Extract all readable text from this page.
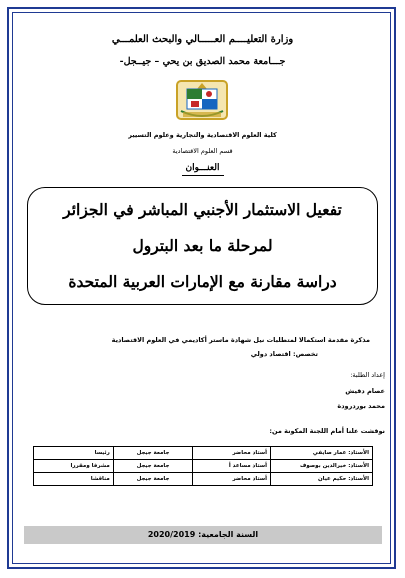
وزارة التعليــــم العـــــالي والبحث العلمـــي
جـــامعة محمد الصديق بن يحي – جيــجل-
كلية العلوم الاقتصادية والتجارية وعلوم التسيير
قسم العلوم الاقتصادية
العنـــوان
تفعيل الاستثمار الأجنبي المباشر في الجزائر
لمرحلة ما بعد البترول
دراسة مقارنة مع الإمارات العربية المتحدة
مذكرة مقدمة استكمالا لمتطلبات نيل شهادة ماستر أكاديمي في العلوم الاقتصادية
تخصص: اقتصاد دولي
إعداد الطلبة:
عصام دقيش
محمد بوردرودة
نوقشت علنا أمام اللجنة المكونة من:
الأستاذ: عمار صايفي	أستاذ محاضر	جامعة جيجل	رئيسا
الأستاذ: خيرالدين بوصوف	أستاذ مساعد أ	جامعة جيجل	مشرفا ومقررا
الأستاذ: حكيم عيان	أستاذ محاضر	جامعة جيجل	مناقشا
السنة الجامعية: 2020/2019
